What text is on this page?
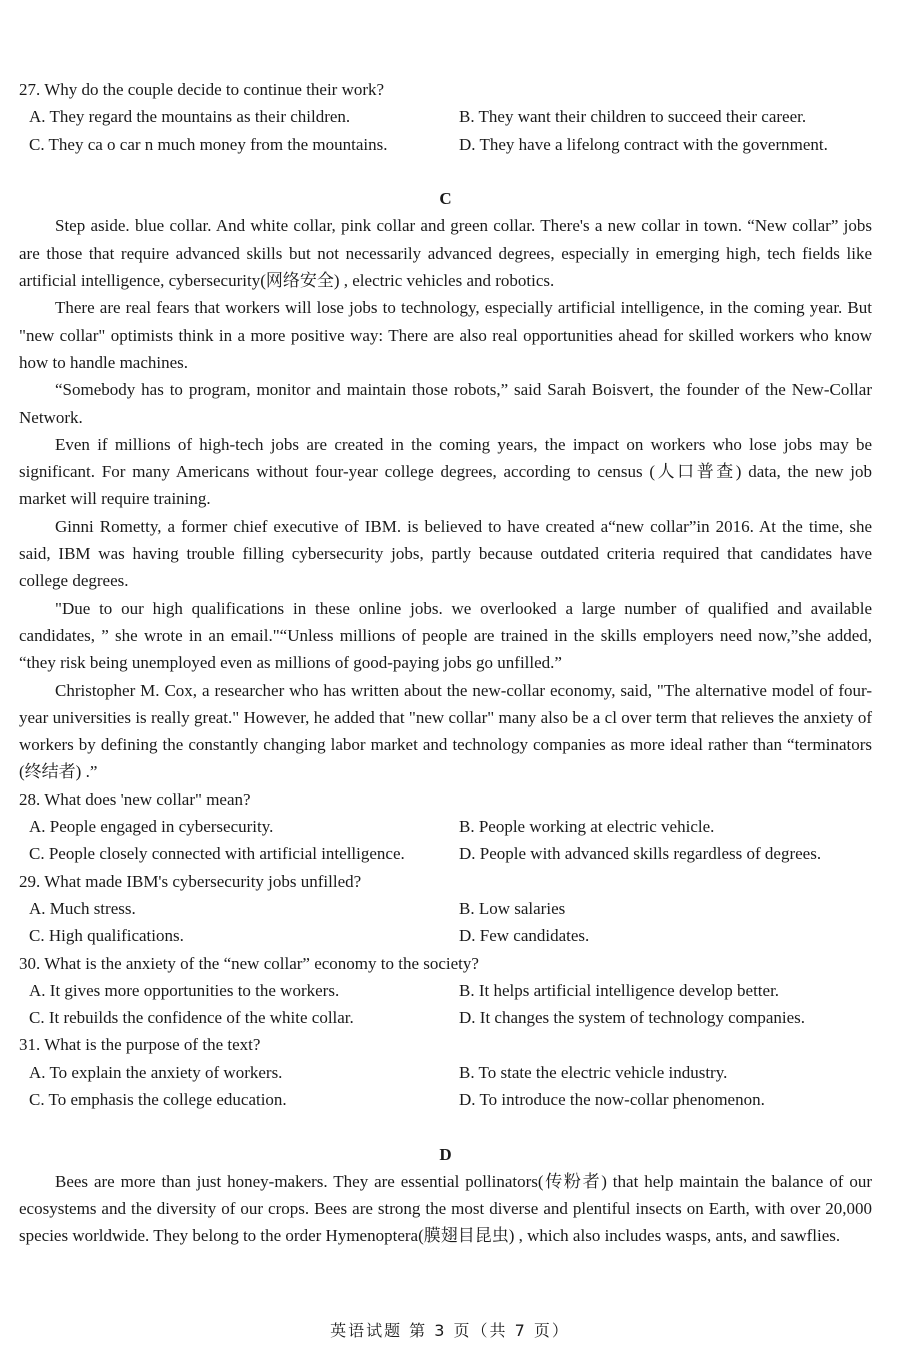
27. Why do the couple decide to continue their work?
A. They regard the mountains as their children.	B. They want their children to succeed their career.
C. They ca o car n much money from the mountains.	D. They have a lifelong contract with the government.
C
Step aside. blue collar. And white collar, pink collar and green collar. There's a new collar in town. “New collar” jobs are those that require advanced skills but not necessarily advanced degrees, especially in emerging high, tech fields like artificial intelligence, cybersecurity(网络安全) , electric vehicles and robotics.
There are real fears that workers will lose jobs to technology, especially artificial intelligence, in the coming year. But "new collar" optimists think in a more positive way: There are also real opportunities ahead for skilled workers who know how to handle machines.
“Somebody has to program, monitor and maintain those robots,” said Sarah Boisvert, the founder of the New-Collar Network.
Even if millions of high-tech jobs are created in the coming years, the impact on workers who lose jobs may be significant. For many Americans without four-year college degrees, according to census (人口普查) data, the new job market will require training.
Ginni Rometty, a former chief executive of IBM. is believed to have created a“new collar”in 2016. At the time, she said, IBM was having trouble filling cybersecurity jobs, partly because outdated criteria required that candidates have college degrees.
"Due to our high qualifications in these online jobs. we overlooked a large number of qualified and available candidates, ” she wrote in an email."“Unless millions of people are trained in the skills employers need now,”she added, “they risk being unemployed even as millions of good-paying jobs go unfilled.”
Christopher M. Cox, a researcher who has written about the new-collar economy, said, "The alternative model of four-year universities is really great." However, he added that "new collar" many also be a cl over term that relieves the anxiety of workers by defining the constantly changing labor market and technology companies as more ideal rather than “terminators (终结者) .”
28. What does 'new collar" mean?
A. People engaged in cybersecurity.	B. People working at electric vehicle.
C. People closely connected with artificial intelligence.	D. People with advanced skills regardless of degrees.
29. What made IBM's cybersecurity jobs unfilled?
A. Much stress.	B. Low salaries
C. High qualifications.	D. Few candidates.
30. What is the anxiety of the “new collar” economy to the society?
A. It gives more opportunities to the workers.	B. It helps artificial intelligence develop better.
C. It rebuilds the confidence of the white collar.	D. It changes the system of technology companies.
31. What is the purpose of the text?
A. To explain the anxiety of workers.	B. To state the electric vehicle industry.
C. To emphasis the college education.	D. To introduce the now-collar phenomenon.
D
Bees are more than just honey-makers. They are essential pollinators(传粉者) that help maintain the balance of our ecosystems and the diversity of our crops. Bees are strong the most diverse and plentiful insects on Earth, with over 20,000 species worldwide. They belong to the order Hymenoptera(膜翅目昆虫) , which also includes wasps, ants, and sawflies.
英语试题 第 3 页（共 7 页）
